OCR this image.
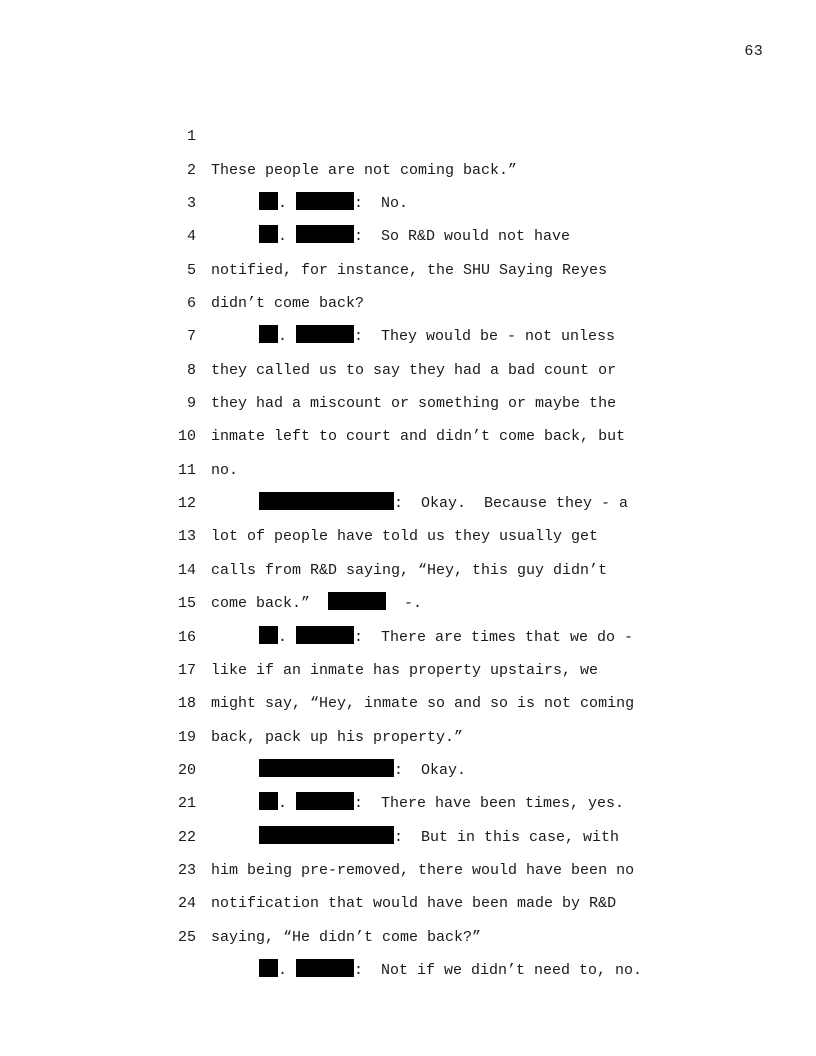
63

1

These people are not coming back.”

2

.	:  No.

3

.	:  So R&D would not have

4

notified, for instance, the SHU Saying Reyes

5

didn’t come back?

6

.	:  They would be - not unless

7

they called us to say they had a bad count or

8

they had a miscount or something or maybe the

9

inmate left to court and didn’t come back, but

10

no.

11

:  Okay.  Because they - a

12

lot of people have told us they usually get

13

calls from R&D saying, “Hey, this guy didn’t

14

come back.”	-.

15

.	:  There are times that we do -

16

like if an inmate has property upstairs, we

17

might say, “Hey, inmate so and so is not coming

18

back, pack up his property.”

19

:  Okay.

20

.	:  There have been times, yes.

21

:  But in this case, with

22

him being pre-removed, there would have been no

23

notification that would have been made by R&D

24

saying, “He didn’t come back?”

25

.	:  Not if we didn’t need to, no.
